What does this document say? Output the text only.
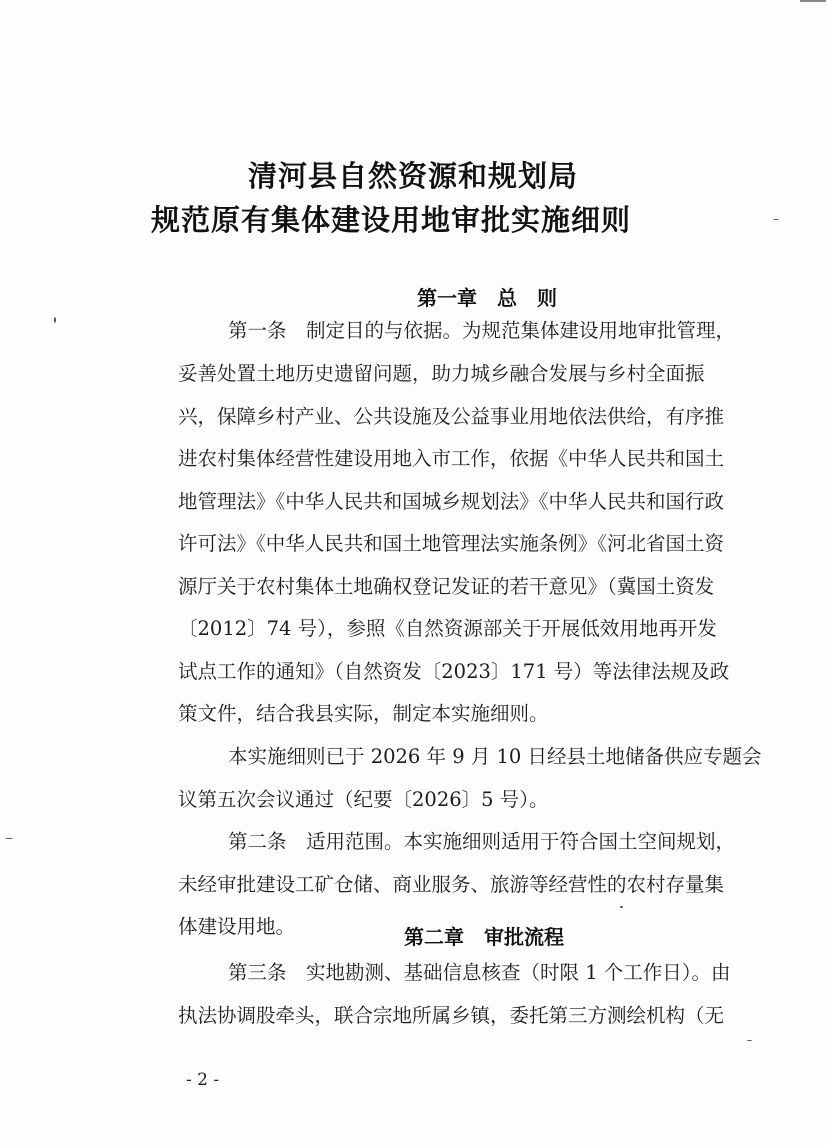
清河县自然资源和规划局
规范原有集体建设用地审批实施细则
第一章　总　则
第一条　制定目的与依据。为规范集体建设用地审批管理，
妥善处置土地历史遗留问题，助力城乡融合发展与乡村全面振
兴，保障乡村产业、公共设施及公益事业用地依法供给，有序推
进农村集体经营性建设用地入市工作，依据《中华人民共和国土
地管理法》《中华人民共和国城乡规划法》《中华人民共和国行政
许可法》《中华人民共和国土地管理法实施条例》《河北省国土资
源厅关于农村集体土地确权登记发证的若干意见》（冀国土资发
〔2012〕74 号），参照《自然资源部关于开展低效用地再开发
试点工作的通知》（自然资发〔2023〕171 号）等法律法规及政
策文件，结合我县实际，制定本实施细则。
本实施细则已于 2026 年 9 月 10 日经县土地储备供应专题会
议第五次会议通过（纪要〔2026〕5 号）。
第二条　适用范围。本实施细则适用于符合国土空间规划，
未经审批建设工矿仓储、商业服务、旅游等经营性的农村存量集
体建设用地。	第二章　审批流程
第三条　实地勘测、基础信息核查（时限 1 个工作日）。由
执法协调股牵头，联合宗地所属乡镇，委托第三方测绘机构（无
- 2 -
